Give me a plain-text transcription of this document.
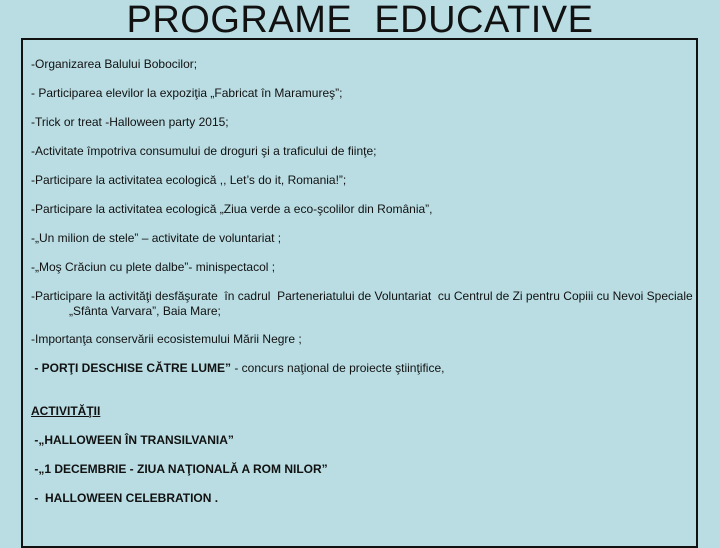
PROGRAME  EDUCATIVE
-Organizarea Balului Bobocilor;
- Participarea elevilor la expoziţia „Fabricat în Maramureş”;
-Trick or treat -Halloween party 2015;
-Activitate împotriva consumului de droguri şi a traficului de fiinţe;
-Participare la activitatea ecologică ,, Let’s do it, Romania!”;
-Participare la activitatea ecologică „Ziua verde a eco-şcolilor din România”,
-„Un milion de stele” – activitate de voluntariat ;
-„Moş Crăciun cu plete dalbe”- minispectacol ;
-Participare la activităţi desfăşurate  în cadrul  Parteneriatului de Voluntariat  cu Centrul de Zi pentru Copiii cu Nevoi Speciale
„Sfânta Varvara”, Baia Mare;
-Importanţa conservării ecosistemului Mării Negre ;
- PORŢI DESCHISE CĂTRE LUME” - concurs naţional de proiecte ştiinţifice,
ACTIVITĂŢII
-„HALLOWEEN ÎN TRANSILVANIA”
-„1 DECEMBRIE - ZIUA NAŢIONALĂ A ROM NILOR”
-  HALLOWEEN CELEBRATION .
